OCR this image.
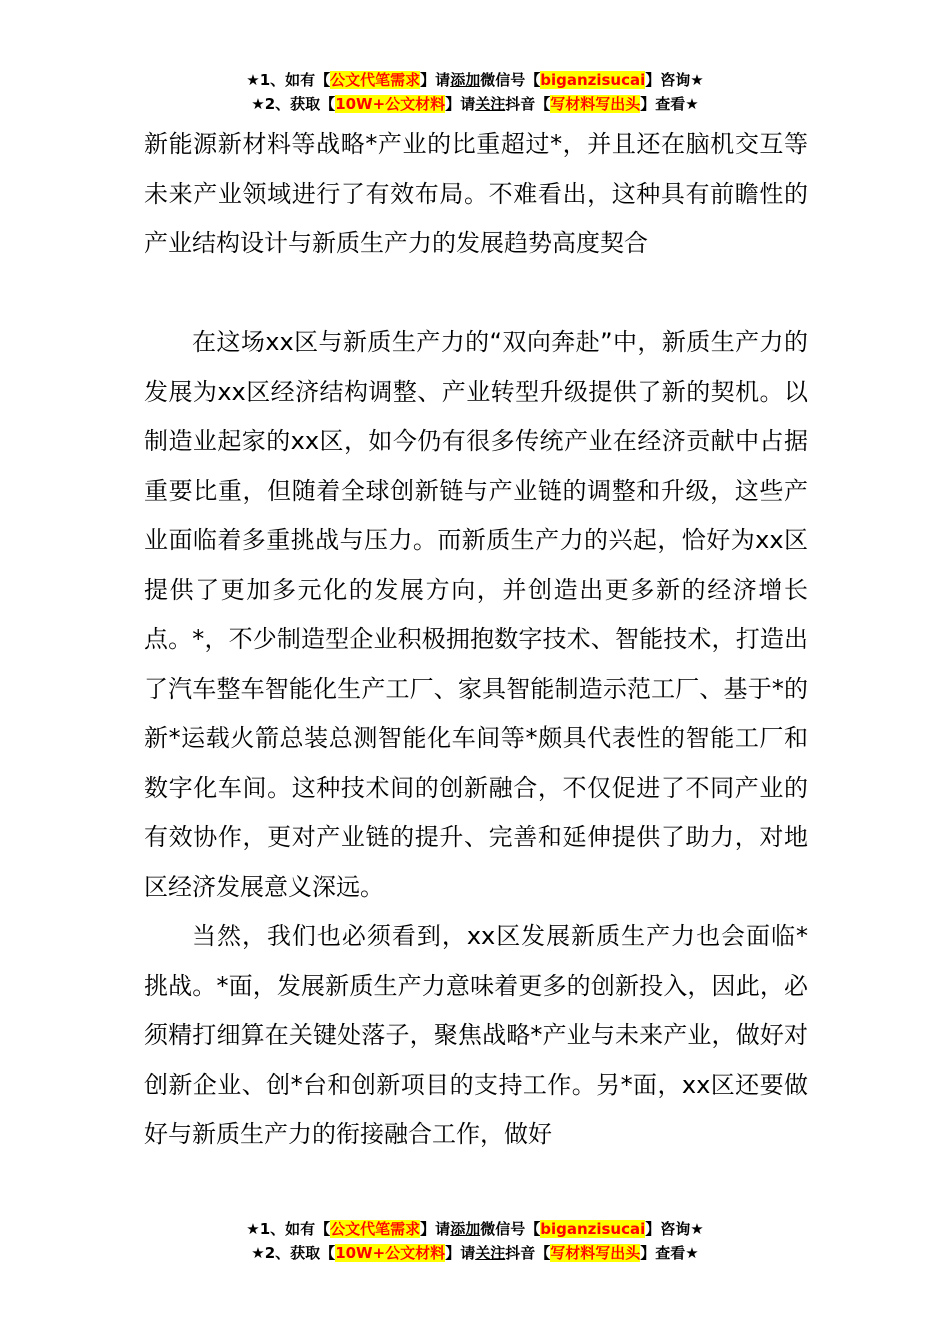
★1、如有【公文代笔需求】请添加微信号【biganzisucai】咨询★
★2、获取【10W+公文材料】请关注抖音【写材料写出头】查看★

新能源新材料等战略*产业的比重超过*，并且还在脑机交互等未来产业领域进行了有效布局。不难看出，这种具有前瞻性的产业结构设计与新质生产力的发展趋势高度契合

在这场xx区与新质生产力的“双向奔赴”中，新质生产力的发展为xx区经济结构调整、产业转型升级提供了新的契机。以制造业起家的xx区，如今仍有很多传统产业在经济贡献中占据重要比重，但随着全球创新链与产业链的调整和升级，这些产业面临着多重挑战与压力。而新质生产力的兴起，恰好为xx区提供了更加多元化的发展方向，并创造出更多新的经济增长点。*，不少制造型企业积极拥抱数字技术、智能技术，打造出了汽车整车智能化生产工厂、家具智能制造示范工厂、基于*的新*运载火箭总装总测智能化车间等*颇具代表性的智能工厂和数字化车间。这种技术间的创新融合，不仅促进了不同产业的有效协作，更对产业链的提升、完善和延伸提供了助力，对地区经济发展意义深远。

当然，我们也必须看到，xx区发展新质生产力也会面临*挑战。*面，发展新质生产力意味着更多的创新投入，因此，必须精打细算在关键处落子，聚焦战略*产业与未来产业，做好对创新企业、创*台和创新项目的支持工作。另*面，xx区还要做好与新质生产力的衔接融合工作，做好

★1、如有【公文代笔需求】请添加微信号【biganzisucai】咨询★
★2、获取【10W+公文材料】请关注抖音【写材料写出头】查看★
